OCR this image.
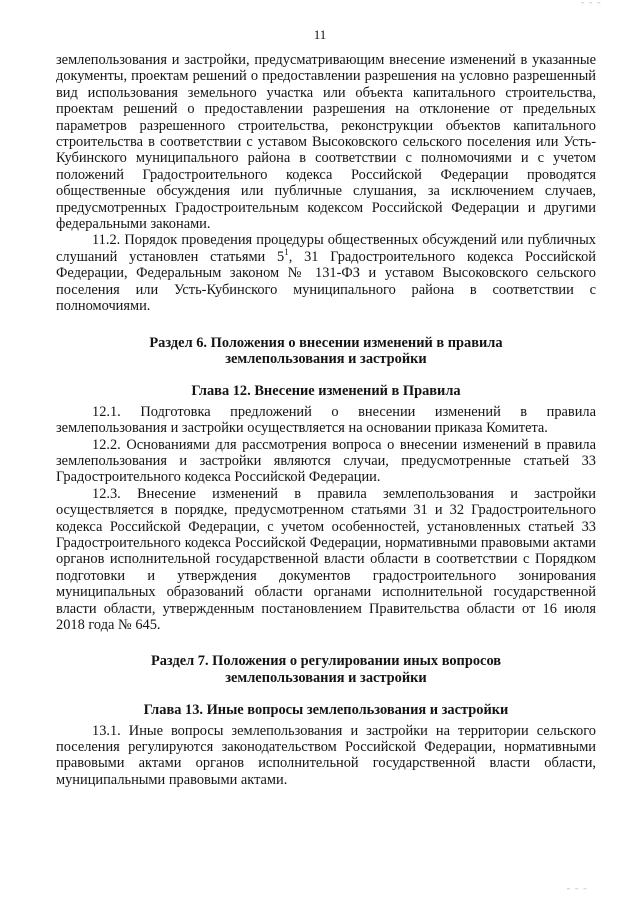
ˉ ˉ ˉ
ˉ ˉ ˉ
11

землепользования и застройки, предусматривающим внесение изменений в указанные документы, проектам решений о предоставлении разрешения на условно разрешенный вид использования земельного участка или объекта капитального строительства, проектам решений о предоставлении разрешения на отклонение от предельных параметров разрешенного строительства, реконструкции объектов капитального строительства в соответствии с уставом Высоковского сельского поселения или Усть-Кубинского муниципального района в соответствии с полномочиями и с учетом положений Градостроительного кодекса Российской Федерации проводятся общественные обсуждения или публичные слушания, за исключением случаев, предусмотренных Градостроительным кодексом Российской Федерации и другими федеральными законами.

11.2. Порядок проведения процедуры общественных обсуждений или публичных слушаний установлен статьями $5^1$, 31 Градостроительного кодекса Российской Федерации, Федеральным законом № 131-ФЗ и уставом Высоковского сельского поселения или Усть-Кубинского муниципального района в соответствии с полномочиями.

Раздел 6. Положения о внесении изменений в правила
землепользования и застройки
Глава 12. Внесение изменений в Правила

12.1. Подготовка предложений о внесении изменений в правила землепользования и застройки осуществляется на основании приказа Комитета.

12.2. Основаниями для рассмотрения вопроса о внесении изменений в правила землепользования и застройки являются случаи, предусмотренные статьей 33 Градостроительного кодекса Российской Федерации.

12.3. Внесение изменений в правила землепользования и застройки осуществляется в порядке, предусмотренном статьями 31 и 32 Градостроительного кодекса Российской Федерации, с учетом особенностей, установленных статьей 33 Градостроительного кодекса Российской Федерации, нормативными правовыми актами органов исполнительной государственной власти области в соответствии с Порядком подготовки и утверждения документов градостроительного зонирования муниципальных образований области органами исполнительной государственной власти области, утвержденным постановлением Правительства области от 16 июля 2018 года № 645.

Раздел 7. Положения о регулировании иных вопросов
землепользования и застройки
Глава 13. Иные вопросы землепользования и застройки

13.1. Иные вопросы землепользования и застройки на территории сельского поселения регулируются законодательством Российской Федерации, нормативными правовыми актами органов исполнительной государственной власти области, муниципальными правовыми актами.
